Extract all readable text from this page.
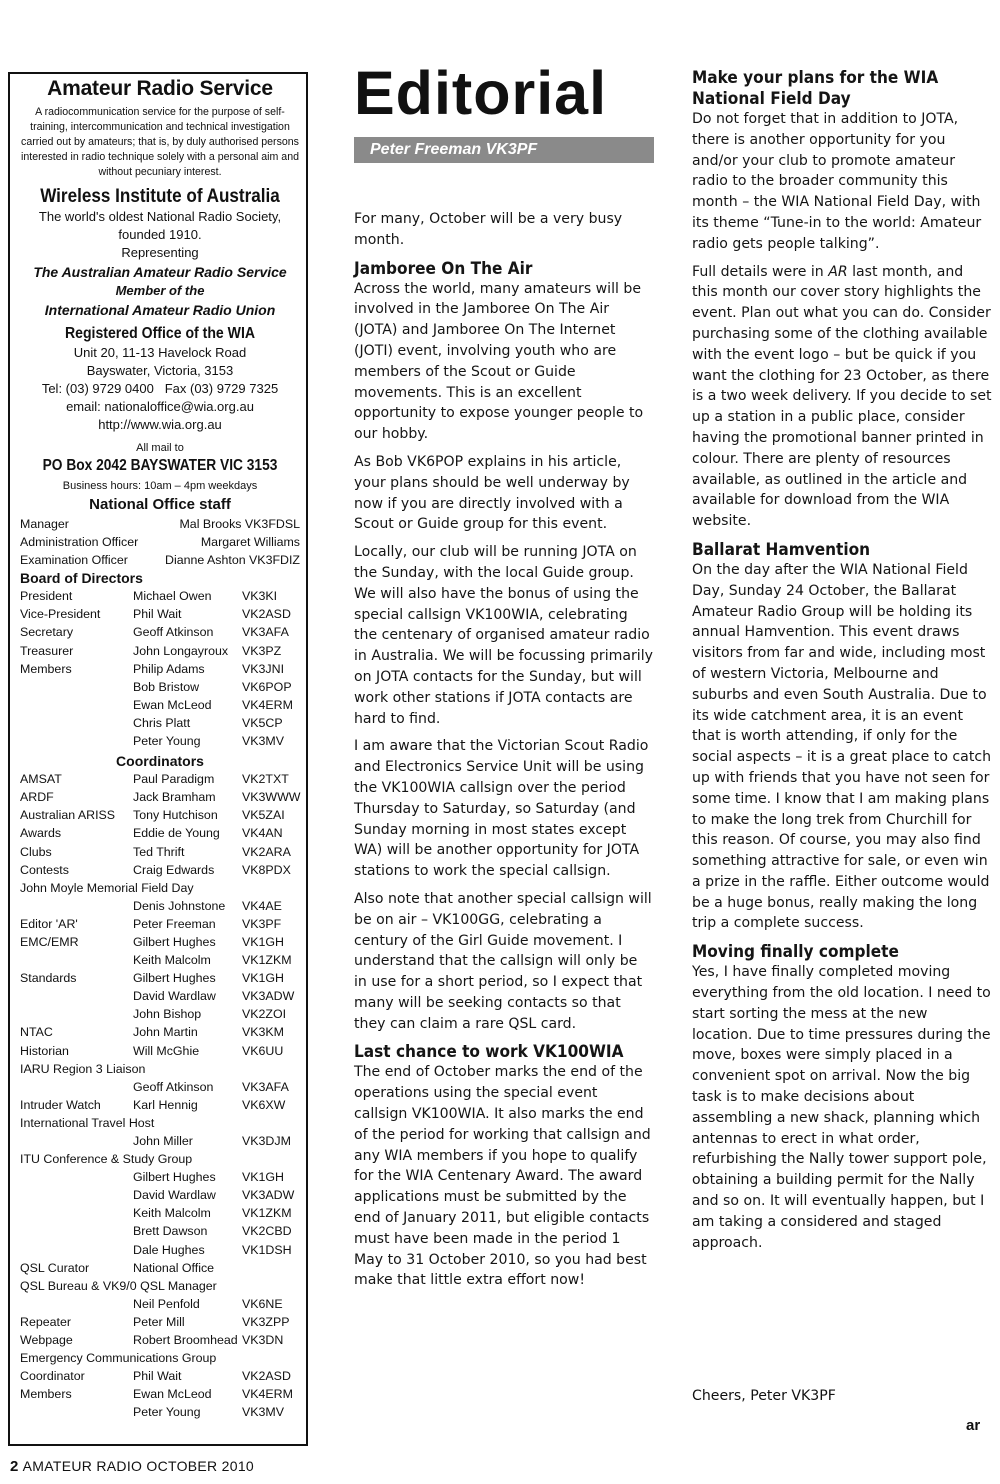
Amateur Radio Service
A radiocommunication service for the purpose of self-training, intercommunication and technical investigation carried out by amateurs; that is, by duly authorised persons interested in radio technique solely with a personal aim and without pecuniary interest.
Wireless Institute of Australia
The world's oldest National Radio Society,
founded 1910.
Representing
The Australian Amateur Radio Service
Member of the
International Amateur Radio Union
Registered Office of the WIA
Unit 20, 11-13 Havelock Road
Bayswater, Victoria, 3153
Tel: (03) 9729 0400 Fax (03) 9729 7325
email: nationaloffice@wia.org.au
http://www.wia.org.au
All mail to
PO Box 2042 BAYSWATER VIC 3153
Business hours: 10am – 4pm weekdays
National Office staff
Manager	Mal Brooks VK3FDSL
Administration Officer	Margaret Williams
Examination Officer	Dianne Ashton VK3FDIZ
Board of Directors
President	Michael Owen	VK3KI
Vice-President	Phil Wait	VK2ASD
Secretary	Geoff Atkinson	VK3AFA
Treasurer	John Longayroux	VK3PZ
Members	Philip Adams	VK3JNI
Bob Bristow	VK6POP
Ewan McLeod	VK4ERM
Chris Platt	VK5CP
Peter Young	VK3MV
Coordinators
AMSAT	Paul Paradigm	VK2TXT
ARDF	Jack Bramham	VK3WWW
Australian ARISS	Tony Hutchison	VK5ZAI
Awards	Eddie de Young	VK4AN
Clubs	Ted Thrift	VK2ARA
Contests	Craig Edwards	VK8PDX
John Moyle Memorial Field Day
Denis Johnstone	VK4AE
Editor 'AR'	Peter Freeman	VK3PF
EMC/EMR	Gilbert Hughes	VK1GH
Keith Malcolm	VK1ZKM
Standards	Gilbert Hughes	VK1GH
David Wardlaw	VK3ADW
John Bishop	VK2ZOI
NTAC	John Martin	VK3KM
Historian	Will McGhie	VK6UU
IARU Region 3 Liaison
Geoff Atkinson	VK3AFA
Intruder Watch	Karl Hennig	VK6XW
International Travel Host
John Miller	VK3DJM
ITU Conference & Study Group
Gilbert Hughes	VK1GH
David Wardlaw	VK3ADW
Keith Malcolm	VK1ZKM
Brett Dawson	VK2CBD
Dale Hughes	VK1DSH
QSL Curator	National Office
QSL Bureau & VK9/0 QSL Manager
Neil Penfold	VK6NE
Repeater	Peter Mill	VK3ZPP
Webpage	Robert Broomhead VK3DN
Emergency Communications Group
Coordinator	Phil Wait	VK2ASD
Members	Ewan McLeod	VK4ERM
Peter Young	VK3MV
Editorial
Peter Freeman VK3PF

For many, October will be a very busy month.

Jamboree On The Air

Across the world, many amateurs will be involved in the Jamboree On The Air (JOTA) and Jamboree On The Internet (JOTI) event, involving youth who are members of the Scout or Guide movements. This is an excellent opportunity to expose younger people to our hobby.

As Bob VK6POP explains in his article, your plans should be well underway by now if you are directly involved with a Scout or Guide group for this event.

Locally, our club will be running JOTA on the Sunday, with the local Guide group. We will also have the bonus of using the special callsign VK100WIA, celebrating the centenary of organised amateur radio in Australia. We will be focussing primarily on JOTA contacts for the Sunday, but will work other stations if JOTA contacts are hard to find.

I am aware that the Victorian Scout Radio and Electronics Service Unit will be using the VK100WIA callsign over the period Thursday to Saturday, so Saturday (and Sunday morning in most states except WA) will be another opportunity for JOTA stations to work the special callsign.

Also note that another special callsign will be on air – VK100GG, celebrating a century of the Girl Guide movement. I understand that the callsign will only be in use for a short period, so I expect that many will be seeking contacts so that they can claim a rare QSL card.

Last chance to work VK100WIA

The end of October marks the end of the operations using the special event callsign VK100WIA. It also marks the end of the period for working that callsign and any WIA members if you hope to qualify for the WIA Centenary Award. The award applications must be submitted by the end of January 2011, but eligible contacts must have been made in the period 1 May to 31 October 2010, so you had best make that little extra effort now!

Make your plans for the WIA National Field Day

Do not forget that in addition to JOTA, there is another opportunity for you and/or your club to promote amateur radio to the broader community this month – the WIA National Field Day, with its theme “Tune-in to the world: Amateur radio gets people talking”.

Full details were in AR last month, and this month our cover story highlights the event. Plan out what you can do. Consider purchasing some of the clothing available with the event logo – but be quick if you want the clothing for 23 October, as there is a two week delivery. If you decide to set up a station in a public place, consider having the promotional banner printed in colour. There are plenty of resources available, as outlined in the article and available for download from the WIA website.

Ballarat Hamvention

On the day after the WIA National Field Day, Sunday 24 October, the Ballarat Amateur Radio Group will be holding its annual Hamvention. This event draws visitors from far and wide, including most of western Victoria, Melbourne and suburbs and even South Australia. Due to its wide catchment area, it is an event that is worth attending, if only for the social aspects – it is a great place to catch up with friends that you have not seen for some time. I know that I am making plans to make the long trek from Churchill for this reason. Of course, you may also find something attractive for sale, or even win a prize in the raffle. Either outcome would be a huge bonus, really making the long trip a complete success.

Moving finally complete

Yes, I have finally completed moving everything from the old location. I need to start sorting the mess at the new location. Due to time pressures during the move, boxes were simply placed in a convenient spot on arrival. Now the big task is to make decisions about assembling a new shack, planning which antennas to erect in what order, refurbishing the Nally tower support pole, obtaining a building permit for the Nally and so on. It will eventually happen, but I am taking a considered and staged approach.

Cheers, Peter VK3PF
ar
2 AMATEUR RADIO OCTOBER 2010
